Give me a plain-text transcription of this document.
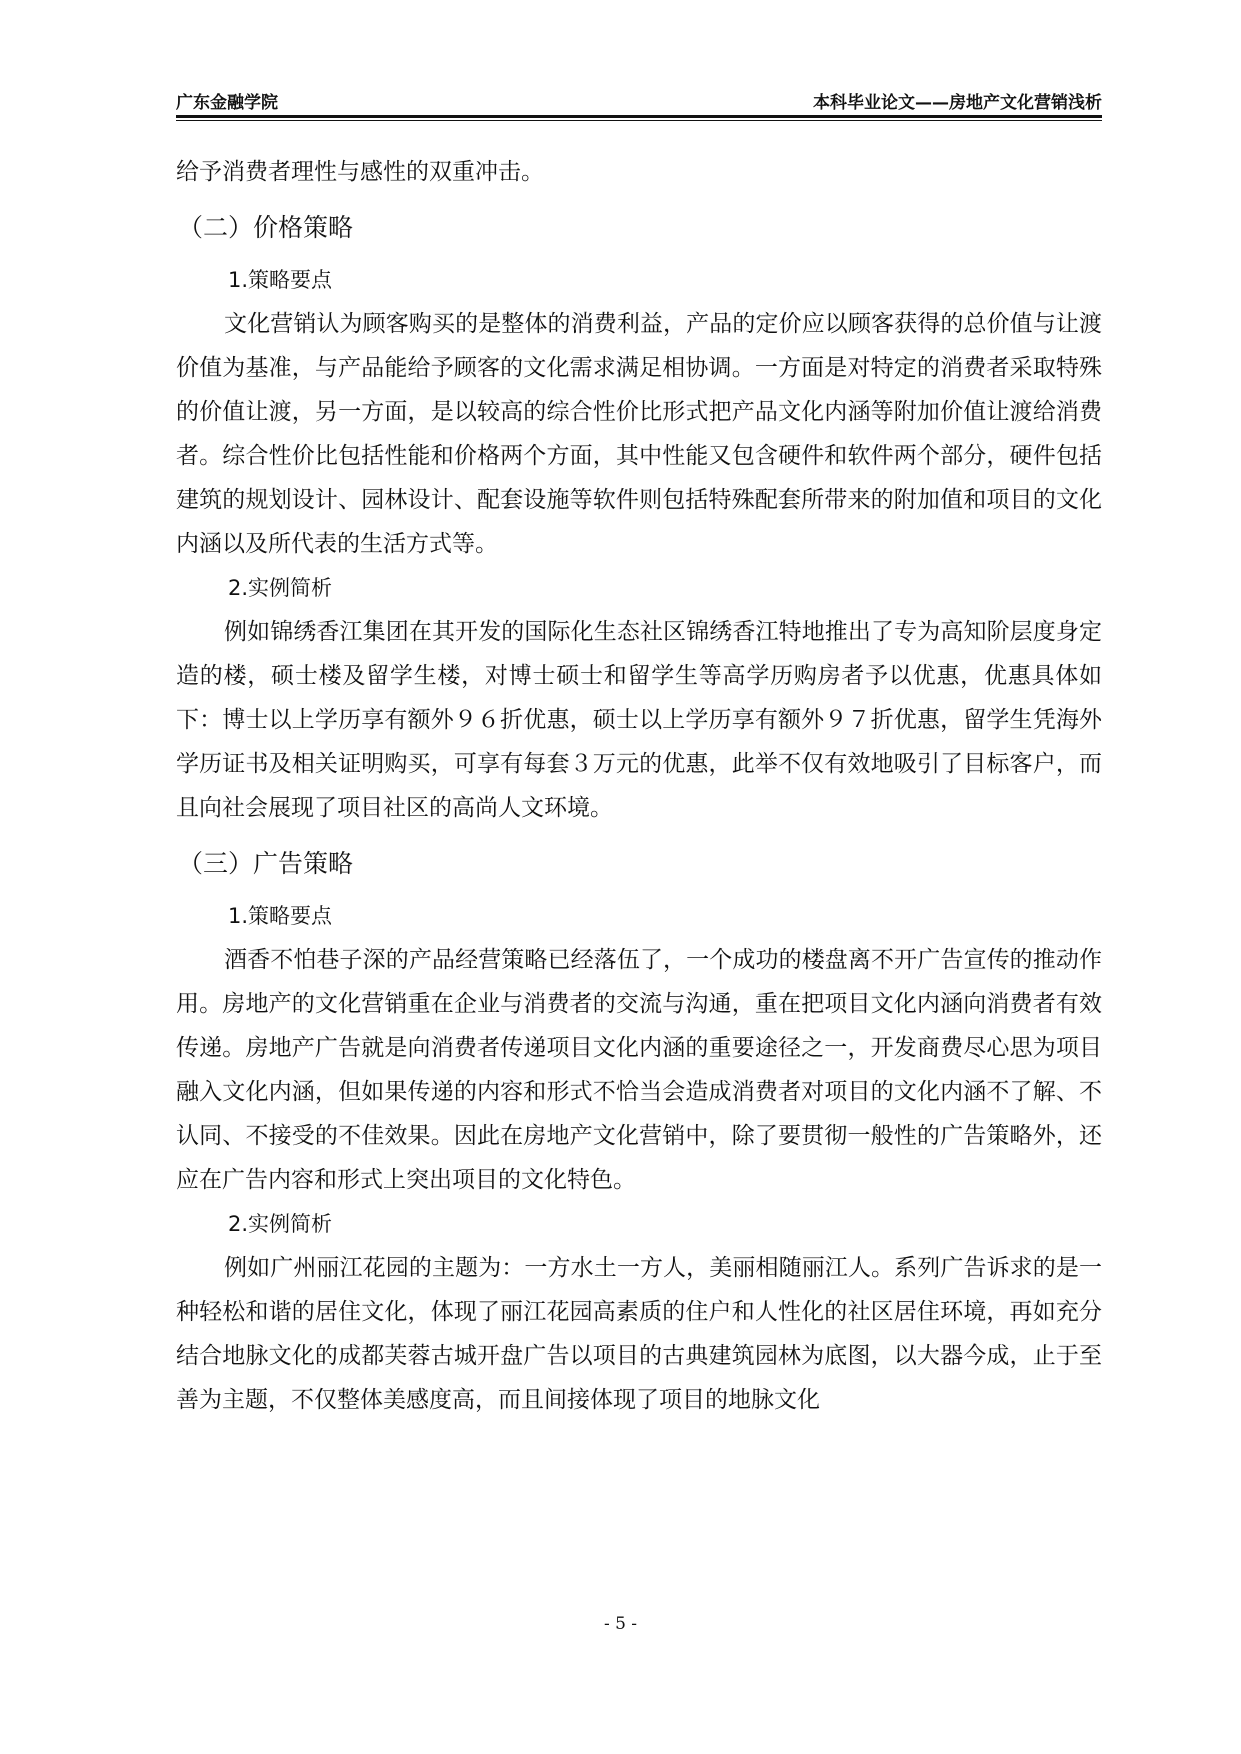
广东金融学院	本科毕业论文——房地产文化营销浅析

给予消费者理性与感性的双重冲击。

（二）价格策略
1.策略要点

文化营销认为顾客购买的是整体的消费利益，产品的定价应以顾客获得的总价值与让渡价值为基准，与产品能给予顾客的文化需求满足相协调。一方面是对特定的消费者采取特殊的价值让渡，另一方面，是以较高的综合性价比形式把产品文化内涵等附加价值让渡给消费者。综合性价比包括性能和价格两个方面，其中性能又包含硬件和软件两个部分，硬件包括建筑的规划设计、园林设计、配套设施等软件则包括特殊配套所带来的附加值和项目的文化内涵以及所代表的生活方式等。

2.实例简析

例如锦绣香江集团在其开发的国际化生态社区锦绣香江特地推出了专为高知阶层度身定造的楼，硕士楼及留学生楼，对博士硕士和留学生等高学历购房者予以优惠，优惠具体如下：博士以上学历享有额外９６折优惠，硕士以上学历享有额外９７折优惠，留学生凭海外学历证书及相关证明购买，可享有每套３万元的优惠，此举不仅有效地吸引了目标客户，而且向社会展现了项目社区的高尚人文环境。

（三）广告策略
1.策略要点

酒香不怕巷子深的产品经营策略已经落伍了，一个成功的楼盘离不开广告宣传的推动作用。房地产的文化营销重在企业与消费者的交流与沟通，重在把项目文化内涵向消费者有效传递。房地产广告就是向消费者传递项目文化内涵的重要途径之一，开发商费尽心思为项目融入文化内涵，但如果传递的内容和形式不恰当会造成消费者对项目的文化内涵不了解、不认同、不接受的不佳效果。因此在房地产文化营销中，除了要贯彻一般性的广告策略外，还应在广告内容和形式上突出项目的文化特色。

2.实例简析

例如广州丽江花园的主题为：一方水土一方人，美丽相随丽江人。系列广告诉求的是一种轻松和谐的居住文化，体现了丽江花园高素质的住户和人性化的社区居住环境，再如充分结合地脉文化的成都芙蓉古城开盘广告以项目的古典建筑园林为底图，以大器今成，止于至善为主题，不仅整体美感度高，而且间接体现了项目的地脉文化

- 5 -
